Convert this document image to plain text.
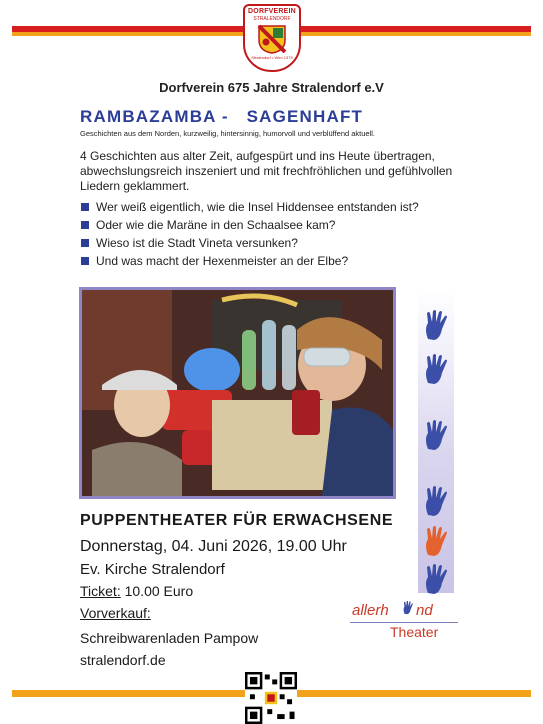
DORFVEREIN
STRALENDORF
Stralendorf • Wirn 1375
Dorfverein 675 Jahre Stralendorf e.V
RAMBAZAMBA -   SAGENHAFT
Geschichten aus dem Norden, kurzweilig, hintersinnig, humorvoll und verblüffend aktuell.
4 Geschichten aus alter Zeit, aufgespürt und ins Heute übertragen, abwechslungsreich inszeniert und mit frechfröhlichen und gefühlvollen Liedern geklammert.
Wer weiß eigentlich, wie die Insel Hiddensee entstanden ist?
Oder wie die Maräne in den Schaalsee kam?
Wieso ist die Stadt Vineta versunken?
Und was macht der Hexenmeister an der Elbe?
PUPPENTHEATER FÜR ERWACHSENE
Donnerstag, 04. Juni 2026, 19.00 Uhr
Ev. Kirche Stralendorf
Ticket: 10.00 Euro
Vorverkauf:
Schreibwarenladen Pampow
stralendorf.de
allerh nd
Theater
